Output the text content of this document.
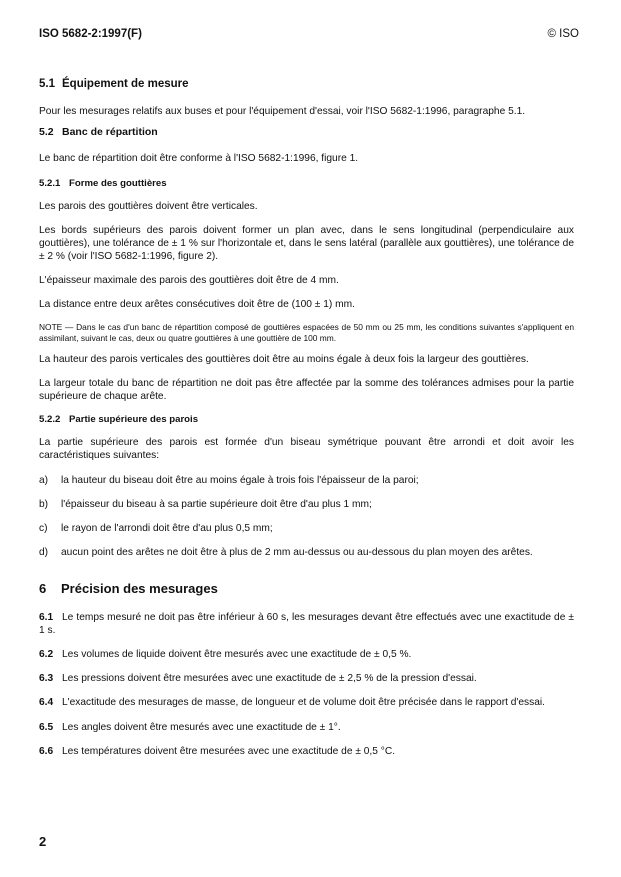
ISO 5682-2:1997(F)	© ISO
5.1 Équipement de mesure
Pour les mesurages relatifs aux buses et pour l'équipement d'essai, voir l'ISO 5682-1:1996, paragraphe 5.1.
5.2 Banc de répartition
Le banc de répartition doit être conforme à l'ISO 5682-1:1996, figure 1.
5.2.1 Forme des gouttières
Les parois des gouttières doivent être verticales.
Les bords supérieurs des parois doivent former un plan avec, dans le sens longitudinal (perpendiculaire aux gouttières), une tolérance de ± 1 % sur l'horizontale et, dans le sens latéral (parallèle aux gouttières), une tolérance de ± 2 % (voir l'ISO 5682-1:1996, figure 2).
L'épaisseur maximale des parois des gouttières doit être de 4 mm.
La distance entre deux arêtes consécutives doit être de (100 ± 1) mm.
NOTE — Dans le cas d'un banc de répartition composé de gouttières espacées de 50 mm ou 25 mm, les conditions suivantes s'appliquent en assimilant, suivant le cas, deux ou quatre gouttières à une gouttière de 100 mm.
La hauteur des parois verticales des gouttières doit être au moins égale à deux fois la largeur des gouttières.
La largeur totale du banc de répartition ne doit pas être affectée par la somme des tolérances admises pour la partie supérieure de chaque arête.
5.2.2 Partie supérieure des parois
La partie supérieure des parois est formée d'un biseau symétrique pouvant être arrondi et doit avoir les caractéristiques suivantes:
a) la hauteur du biseau doit être au moins égale à trois fois l'épaisseur de la paroi;
b) l'épaisseur du biseau à sa partie supérieure doit être d'au plus 1 mm;
c) le rayon de l'arrondi doit être d'au plus 0,5 mm;
d) aucun point des arêtes ne doit être à plus de 2 mm au-dessus ou au-dessous du plan moyen des arêtes.
6 Précision des mesurages
6.1 Le temps mesuré ne doit pas être inférieur à 60 s, les mesurages devant être effectués avec une exactitude de ± 1 s.
6.2 Les volumes de liquide doivent être mesurés avec une exactitude de ± 0,5 %.
6.3 Les pressions doivent être mesurées avec une exactitude de ± 2,5 % de la pression d'essai.
6.4 L'exactitude des mesurages de masse, de longueur et de volume doit être précisée dans le rapport d'essai.
6.5 Les angles doivent être mesurés avec une exactitude de ± 1°.
6.6 Les températures doivent être mesurées avec une exactitude de ± 0,5 °C.
2
